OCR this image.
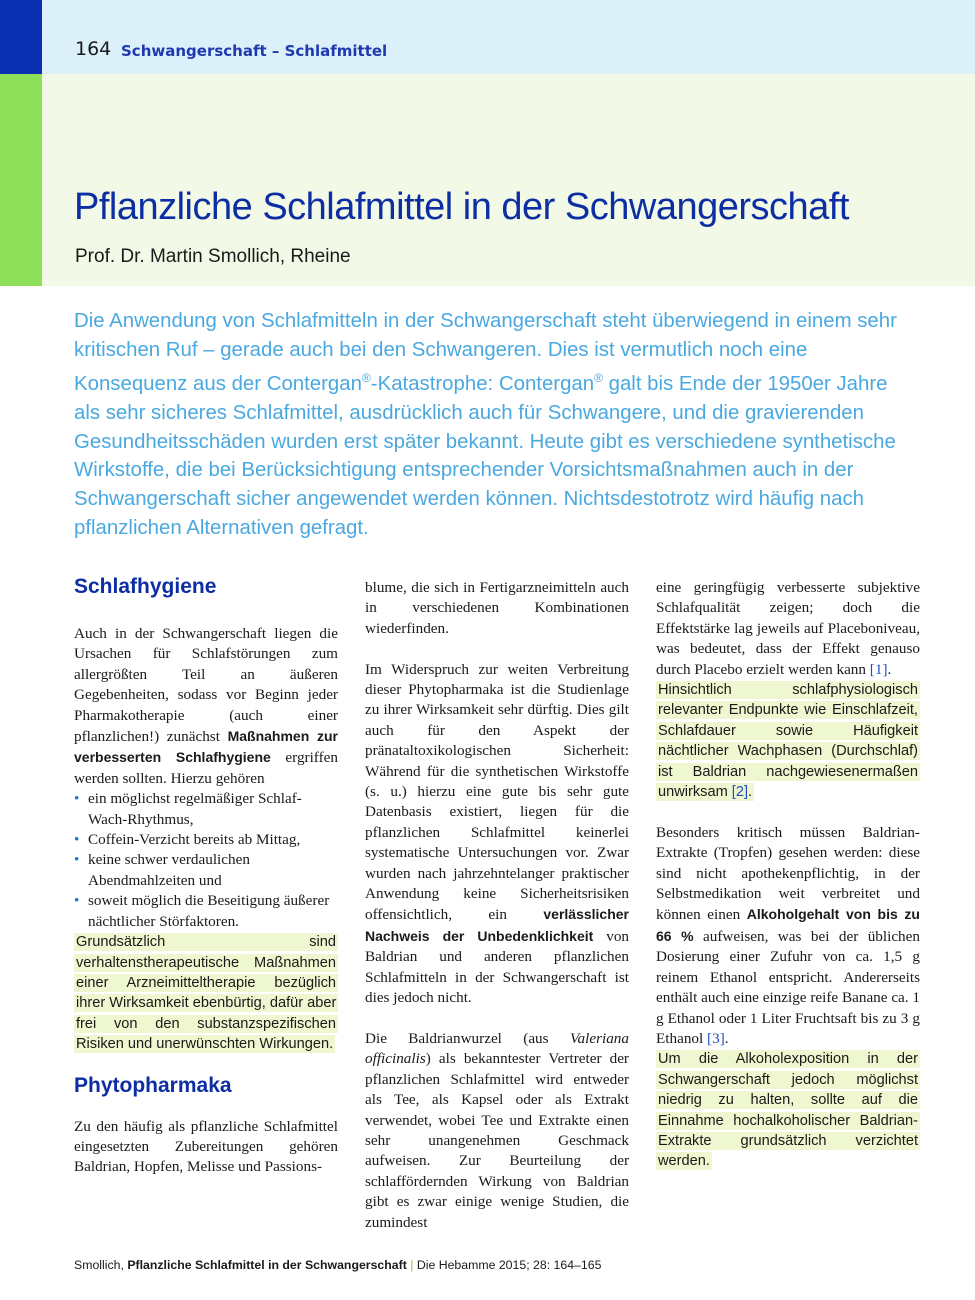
164 Schwangerschaft – Schlafmittel
Pflanzliche Schlafmittel in der Schwangerschaft
Prof. Dr. Martin Smollich, Rheine

Die Anwendung von Schlafmitteln in der Schwangerschaft steht überwiegend in einem sehr kritischen Ruf – gerade auch bei den Schwangeren. Dies ist vermutlich noch eine Konsequenz aus der Contergan®-Katastrophe: Contergan® galt bis Ende der 1950er Jahre als sehr sicheres Schlafmittel, ausdrücklich auch für Schwangere, und die gravierenden Gesundheitsschäden wurden erst später bekannt. Heute gibt es verschiedene synthetische Wirkstoffe, die bei Berücksichtigung entsprechender Vorsichtsmaßnahmen auch in der Schwangerschaft sicher angewendet werden können. Nichtsdestotrotz wird häufig nach pflanzlichen Alternativen gefragt.

Schlafhygiene

Auch in der Schwangerschaft liegen die Ursachen für Schlafstörungen zum allergrößten Teil an äußeren Gegebenheiten, sodass vor Beginn jeder Pharmakotherapie (auch einer pflanzlichen!) zunächst Maßnahmen zur verbesserten Schlafhygiene ergriffen werden sollten. Hierzu gehören

• ein möglichst regelmäßiger Schlaf-Wach-Rhythmus,
• Coffein-Verzicht bereits ab Mittag,
• keine schwer verdaulichen Abendmahlzeiten und
• soweit möglich die Beseitigung äußerer nächtlicher Störfaktoren.

Grundsätzlich sind verhaltenstherapeutische Maßnahmen einer Arzneimitteltherapie bezüglich ihrer Wirksamkeit ebenbürtig, dafür aber frei von den substanzspezifischen Risiken und unerwünschten Wirkungen.

Phytopharmaka

Zu den häufig als pflanzliche Schlafmittel eingesetzten Zubereitungen gehören Baldrian, Hopfen, Melisse und Passions-

blume, die sich in Fertigarzneimitteln auch in verschiedenen Kombinationen wiederfinden.

Im Widerspruch zur weiten Verbreitung dieser Phytopharmaka ist die Studienlage zu ihrer Wirksamkeit sehr dürftig. Dies gilt auch für den Aspekt der pränataltoxikologischen Sicherheit: Während für die synthetischen Wirkstoffe (s. u.) hierzu eine gute bis sehr gute Datenbasis existiert, liegen für die pflanzlichen Schlafmittel keinerlei systematische Untersuchungen vor. Zwar wurden nach jahrzehntelanger praktischer Anwendung keine Sicherheitsrisiken offensichtlich, ein verlässlicher Nachweis der Unbedenklichkeit von Baldrian und anderen pflanzlichen Schlafmitteln in der Schwangerschaft ist dies jedoch nicht.

Die Baldrianwurzel (aus Valeriana officinalis) als bekanntester Vertreter der pflanzlichen Schlafmittel wird entweder als Tee, als Kapsel oder als Extrakt verwendet, wobei Tee und Extrakte einen sehr unangenehmen Geschmack aufweisen. Zur Beurteilung der schlaffördernden Wirkung von Baldrian gibt es zwar einige wenige Studien, die zumindest

eine geringfügig verbesserte subjektive Schlafqualität zeigen; doch die Effektstärke lag jeweils auf Placeboniveau, was bedeutet, dass der Effekt genauso durch Placebo erzielt werden kann [1].

Hinsichtlich schlafphysiologisch relevanter Endpunkte wie Einschlafzeit, Schlafdauer sowie Häufigkeit nächtlicher Wachphasen (Durchschlaf) ist Baldrian nachgewiesenermaßen unwirksam [2].

Besonders kritisch müssen Baldrian-Extrakte (Tropfen) gesehen werden: diese sind nicht apothekenpflichtig, in der Selbstmedikation weit verbreitet und können einen Alkoholgehalt von bis zu 66 % aufweisen, was bei der üblichen Dosierung einer Zufuhr von ca. 1,5 g reinem Ethanol entspricht. Andererseits enthält auch eine einzige reife Banane ca. 1 g Ethanol oder 1 Liter Fruchtsaft bis zu 3 g Ethanol [3].

Um die Alkoholexposition in der Schwangerschaft jedoch möglichst niedrig zu halten, sollte auf die Einnahme hochalkoholischer Baldrian-Extrakte grundsätzlich verzichtet werden.

Smollich, Pflanzliche Schlafmittel in der Schwangerschaft | Die Hebamme 2015; 28: 164–165
